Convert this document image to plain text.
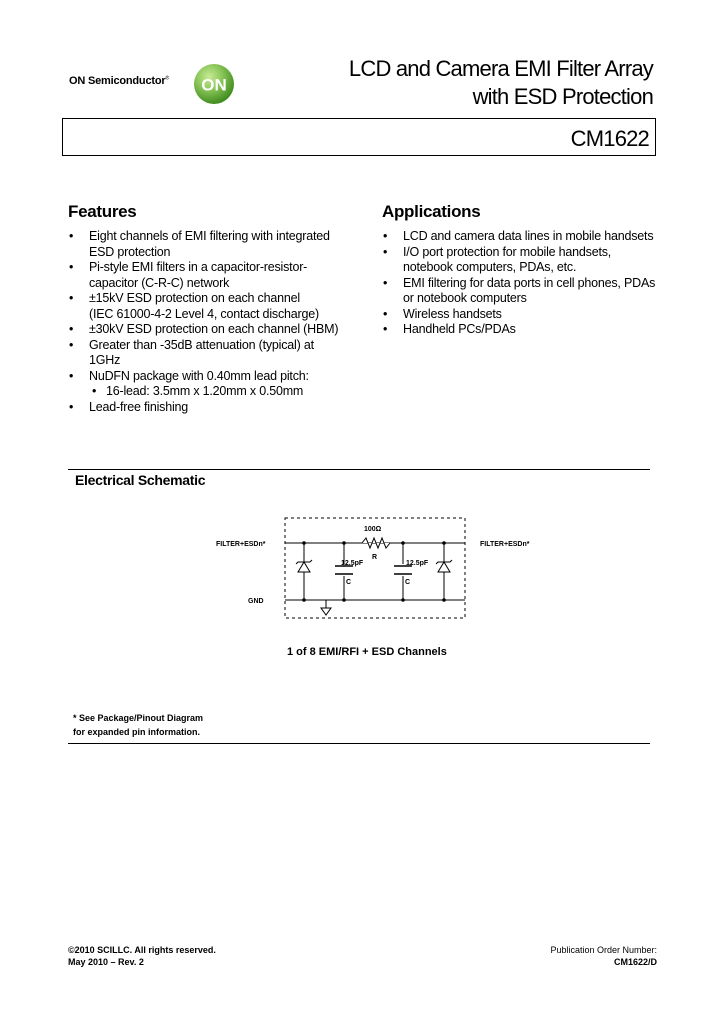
ON Semiconductor® ON
LCD and Camera EMI Filter Array
with ESD Protection
CM1622
Features
• Eight channels of EMI filtering with integrated
ESD protection
• Pi-style EMI filters in a capacitor-resistor-
capacitor (C-R-C) network
• ±15kV ESD protection on each channel
(IEC 61000-4-2 Level 4, contact discharge)
• ±30kV ESD protection on each channel (HBM)
• Greater than -35dB attenuation (typical) at
1GHz
• NuDFN package with 0.40mm lead pitch:
• 16-lead: 3.5mm x 1.20mm x 0.50mm
• Lead-free finishing
Applications
• LCD and camera data lines in mobile handsets
• I/O port protection for mobile handsets,
notebook computers, PDAs, etc.
• EMI filtering for data ports in cell phones, PDAs
or notebook computers
• Wireless handsets
• Handheld PCs/PDAs
Electrical Schematic
FILTER+ESDn*	FILTER+ESDn*
GND
100Ω
R
12.5pF
C
12.5pF
C
1 of 8 EMI/RFI + ESD Channels
* See Package/Pinout Diagram
for expanded pin information.
©2010 SCILLC. All rights reserved.
May 2010 – Rev. 2
Publication Order Number:
CM1622/D
